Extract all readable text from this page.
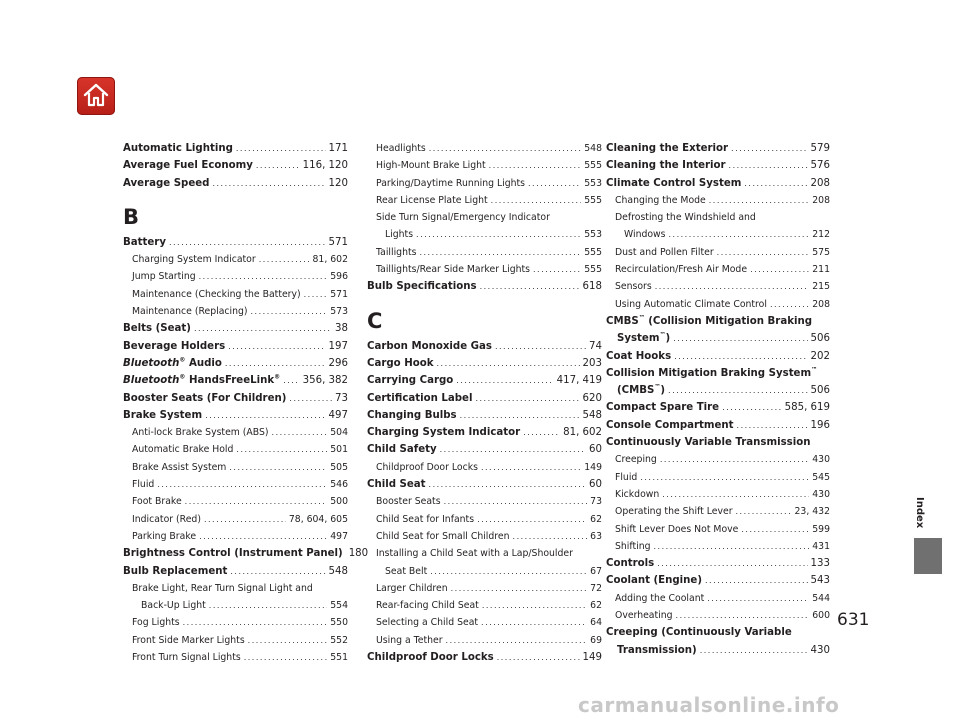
Automatic Lighting .....	171
Average Fuel Economy .....	116, 120
Average Speed .....	120
B
Battery .....	571
Charging System Indicator .....	81, 602
Jump Starting .....	596
Maintenance (Checking the Battery) .....	571
Maintenance (Replacing) .....	573
Belts (Seat) .....	38
Beverage Holders .....	197
Bluetooth® Audio .....	296
Bluetooth® HandsFreeLink® ..... 356, 382
Booster Seats (For Children) .....	73
Brake System .....	497
Anti-lock Brake System (ABS) .....	504
Automatic Brake Hold .....	501
Brake Assist System .....	505
Fluid .....	546
Foot Brake .....	500
Indicator (Red) .....	78, 604, 605
Parking Brake .....	497
Brightness Control (Instrument Panel) 180
Bulb Replacement .....	548
Brake Light, Rear Turn Signal Light and
Back-Up Light .....	554
Fog Lights .....	550
Front Side Marker Lights .....	552
Front Turn Signal Lights .....	551
Headlights .....	548
High-Mount Brake Light .....	555
Parking/Daytime Running Lights .....	553
Rear License Plate Light .....	555
Side Turn Signal/Emergency Indicator
Lights .....	553
Taillights .....	555
Taillights/Rear Side Marker Lights .....	555
Bulb Specifications .....	618
C
Carbon Monoxide Gas .....	74
Cargo Hook .....	203
Carrying Cargo .....	417, 419
Certification Label .....	620
Changing Bulbs .....	548
Charging System Indicator .....	81, 602
Child Safety .....	60
Childproof Door Locks .....	149
Child Seat .....	60
Booster Seats .....	73
Child Seat for Infants .....	62
Child Seat for Small Children .....	63
Installing a Child Seat with a Lap/Shoulder
Seat Belt .....	67
Larger Children .....	72
Rear-facing Child Seat .....	62
Selecting a Child Seat .....	64
Using a Tether .....	69
Childproof Door Locks .....	149
Cleaning the Exterior .....	579
Cleaning the Interior .....	576
Climate Control System .....	208
Changing the Mode .....	208
Defrosting the Windshield and
Windows .....	212
Dust and Pollen Filter .....	575
Recirculation/Fresh Air Mode .....	211
Sensors .....	215
Using Automatic Climate Control .....	208
CMBS™ (Collision Mitigation Braking
System™) .....	506
Coat Hooks .....	202
Collision Mitigation Braking System™
(CMBS™) .....	506
Compact Spare Tire .....	585, 619
Console Compartment .....	196
Continuously Variable Transmission
Creeping .....	430
Fluid .....	545
Kickdown .....	430
Operating the Shift Lever .....	23, 432
Shift Lever Does Not Move .....	599
Shifting .....	431
Controls .....	133
Coolant (Engine) .....	543
Adding the Coolant .....	544
Overheating .....	600
Creeping (Continuously Variable
Transmission) .....	430
Index
631
carmanualsonline.info
